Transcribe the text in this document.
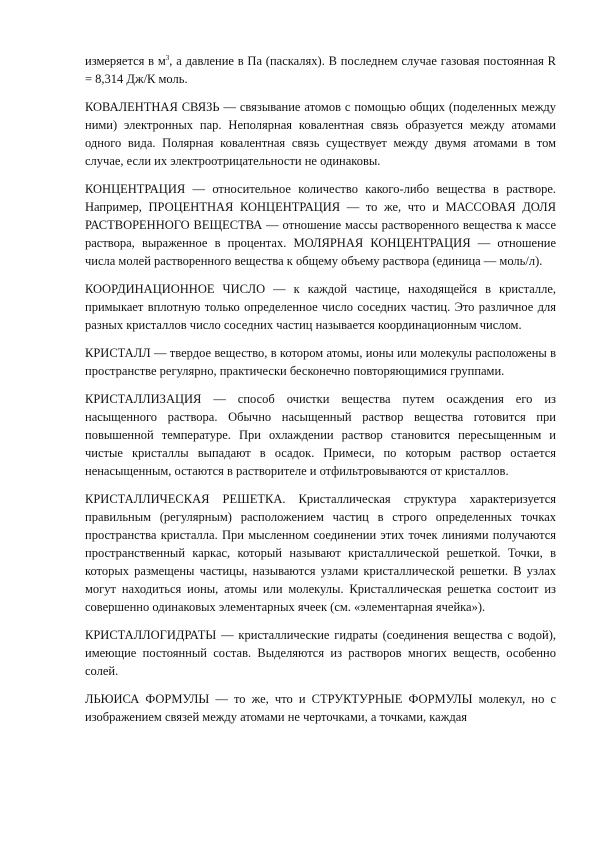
измеряется в $м^3$, а давление в Па (паскалях). В последнем случае газовая постоянная R = 8,314 Дж/К моль.

КОВАЛЕНТНАЯ СВЯЗЬ — связывание атомов с помощью общих (поделенных между ними) электронных пар. Неполярная ковалентная связь образуется между атомами одного вида. Полярная ковалентная связь существует между двумя атомами в том случае, если их электроотрицательности не одинаковы.

КОНЦЕНТРАЦИЯ — относительное количество какого-либо вещества в растворе. Например, ПРОЦЕНТНАЯ КОНЦЕНТРАЦИЯ — то же, что и МАССОВАЯ ДОЛЯ РАСТВОРЕННОГО ВЕЩЕСТВА — отношение массы растворенного вещества к массе раствора, выраженное в процентах. МОЛЯРНАЯ КОНЦЕНТРАЦИЯ — отношение числа молей растворенного вещества к общему объему раствора (единица — моль/л).

КООРДИНАЦИОННОЕ ЧИСЛО — к каждой частице, находящейся в кристалле, примыкает вплотную только определенное число соседних частиц. Это различное для разных кристаллов число соседних частиц называется координационным числом.

КРИСТАЛЛ — твердое вещество, в котором атомы, ионы или молекулы расположены в пространстве регулярно, практически бесконечно повторяющимися группами.

КРИСТАЛЛИЗАЦИЯ — способ очистки вещества путем осаждения его из насыщенного раствора. Обычно насыщенный раствор вещества готовится при повышенной температуре. При охлаждении раствор становится пересыщенным и чистые кристаллы выпадают в осадок. Примеси, по которым раствор остается ненасыщенным, остаются в растворителе и отфильтровываются от кристаллов.

КРИСТАЛЛИЧЕСКАЯ РЕШЕТКА. Кристаллическая структура характеризуется правильным (регулярным) расположением частиц в строго определенных точках пространства кристалла. При мысленном соединении этих точек линиями получаются пространственный каркас, который называют кристаллической решеткой. Точки, в которых размещены частицы, называются узлами кристаллической решетки. В узлах могут находиться ионы, атомы или молекулы. Кристаллическая решетка состоит из совершенно одинаковых элементарных ячеек (см. «элементарная ячейка»).

КРИСТАЛЛОГИДРАТЫ — кристаллические гидраты (соединения вещества с водой), имеющие постоянный состав. Выделяются из растворов многих веществ, особенно солей.

ЛЬЮИСА ФОРМУЛЫ — то же, что и СТРУКТУРНЫЕ ФОРМУЛЫ молекул, но с изображением связей между атомами не черточками, а точками, каждая
